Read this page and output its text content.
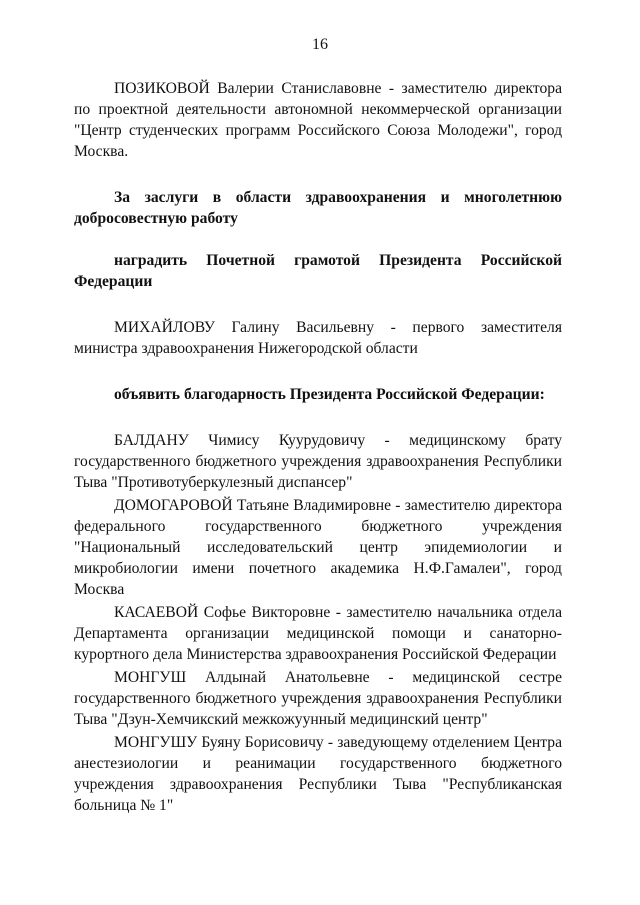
16

ПОЗИКОВОЙ Валерии Станиславовне - заместителю директора по проектной деятельности автономной некоммерческой организации "Центр студенческих программ Российского Союза Молодежи", город Москва.

За заслуги в области здравоохранения и многолетнюю добросовестную работу

наградить Почетной грамотой Президента Российской Федерации

МИХАЙЛОВУ Галину Васильевну - первого заместителя министра здравоохранения Нижегородской области

объявить благодарность Президента Российской Федерации:

БАЛДАНУ Чимису Куурудовичу - медицинскому брату государственного бюджетного учреждения здравоохранения Республики Тыва "Противотуберкулезный диспансер"

ДОМОГАРОВОЙ Татьяне Владимировне - заместителю директора федерального государственного бюджетного учреждения "Национальный исследовательский центр эпидемиологии и микробиологии имени почетного академика Н.Ф.Гамалеи", город Москва

КАСАЕВОЙ Софье Викторовне - заместителю начальника отдела Департамента организации медицинской помощи и санаторно-курортного дела Министерства здравоохранения Российской Федерации

МОНГУШ Алдынай Анатольевне - медицинской сестре государственного бюджетного учреждения здравоохранения Республики Тыва "Дзун-Хемчикский межкожуунный медицинский центр"

МОНГУШУ Буяну Борисовичу - заведующему отделением Центра анестезиологии и реанимации государственного бюджетного учреждения здравоохранения Республики Тыва "Республиканская больница № 1"
